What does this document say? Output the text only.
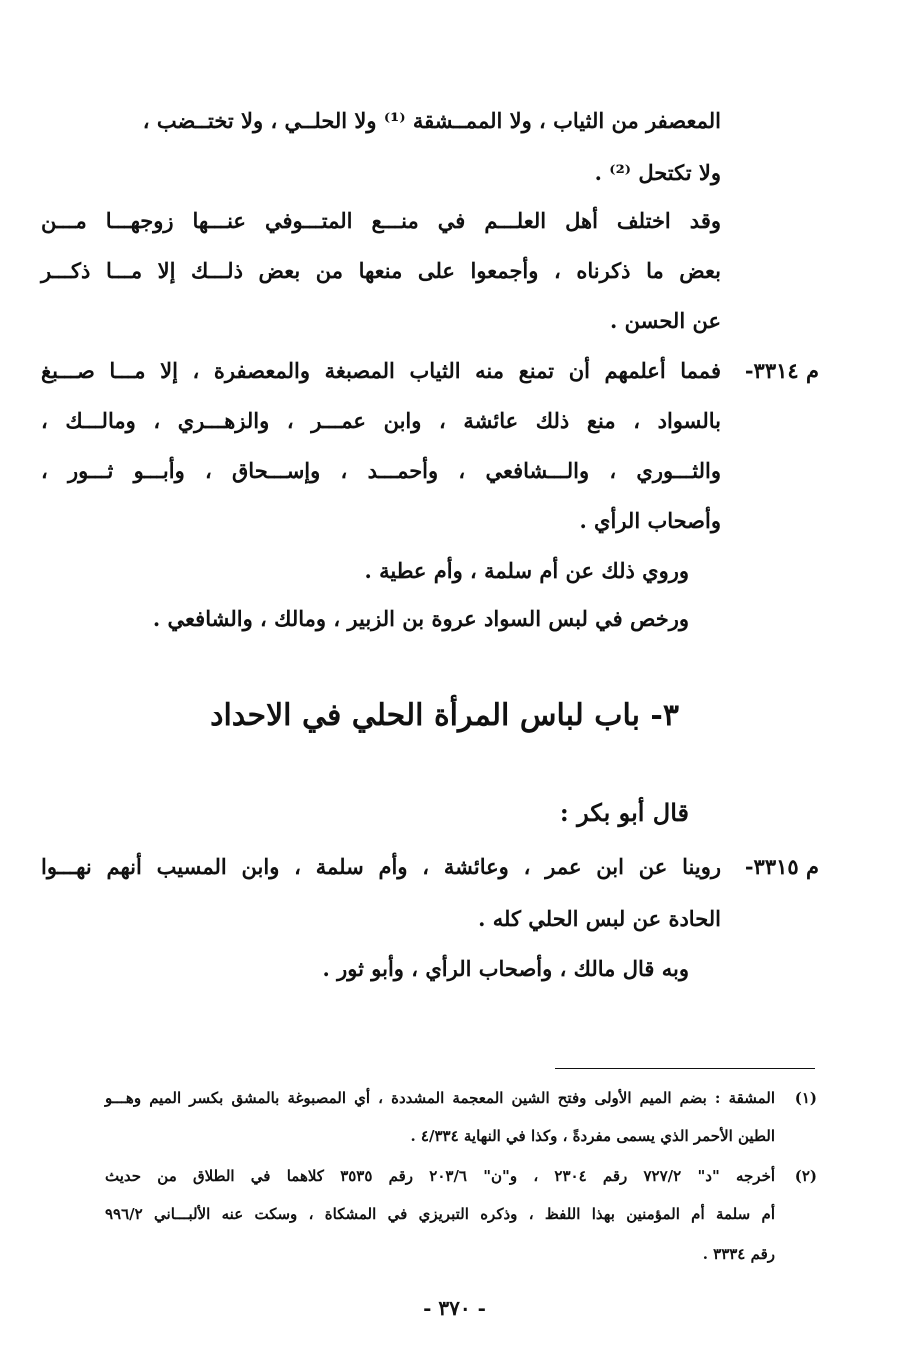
المعصفر من الثياب ، ولا الممــشقة ⁽¹⁾ ولا الحلــي ، ولا تختــضب ،
ولا تكتحل ⁽²⁾ .
وقد اختلف أهل العلـــم في منـــع المتـــوفي عنـــها زوجهـــا مـــن
بعض ما ذكرناه ، وأجمعوا على منعها من بعض ذلـــك إلا مـــا ذكـــر
عن الحسن .
م ٣٣١٤-
فمما أعلمهم أن تمنع منه الثياب المصبغة والمعصفرة ، إلا مـــا صـــبغ
بالسواد ، منع ذلك عائشة ، وابن عمـــر ، والزهـــري ، ومالـــك ،
والثـــوري ، والـــشافعي ، وأحمـــد ، وإســـحاق ، وأبـــو ثـــور ،
وأصحاب الرأي .
وروي ذلك عن أم سلمة ، وأم عطية .
ورخص في لبس السواد عروة بن الزبير ، ومالك ، والشافعي .
٣- باب لباس المرأة الحلي في الاحداد
قال أبو بكر :
م ٣٣١٥-
روينا عن ابن عمر ، وعائشة ، وأم سلمة ، وابن المسيب أنهم نهـــوا
الحادة عن لبس الحلي كله .
وبه قال مالك ، وأصحاب الرأي ، وأبو ثور .
(١)
المشقة : بضم الميم الأولى وفتح الشين المعجمة المشددة ، أي المصبوغة بالمشق بكسر الميم وهـــو
الطين الأحمر الذي يسمى مفردةً ، وكذا في النهاية ٤/٣٣٤ .
(٢)
أخرجه "د" ٧٢٧/٢ رقم ٢٣٠٤ ، و"ن" ٢٠٣/٦ رقم ٣٥٣٥ كلاهما في الطلاق من حديث
أم سلمة أم المؤمنين بهذا اللفظ ، وذكره التبريزي في المشكاة ، وسكت عنه الألبـــاني ٩٩٦/٢
رقم ٣٣٣٤ .
- ٣٧٠ -
